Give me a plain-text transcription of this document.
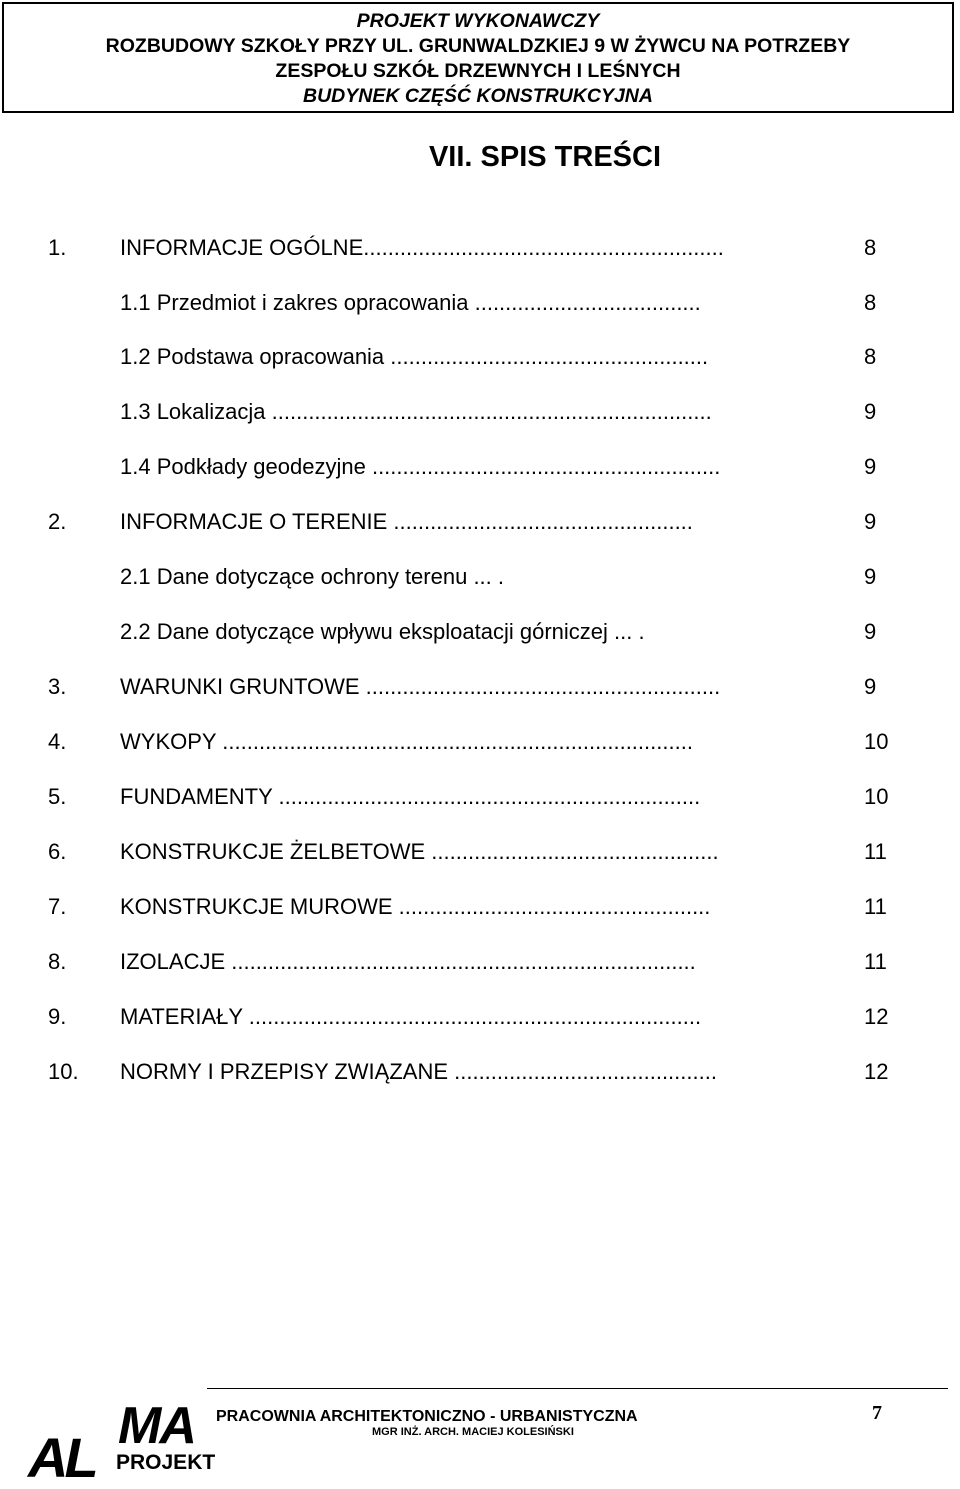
PROJEKT WYKONAWCZY
ROZBUDOWY SZKOŁY PRZY UL. GRUNWALDZKIEJ 9 W ŻYWCU NA POTRZEBY
ZESPOŁU SZKÓŁ DRZEWNYCH I LEŚNYCH
BUDYNEK CZĘŚĆ KONSTRUKCYJNA
VII. SPIS TREŚCI
1. INFORMACJE OGÓLNE...........................................................	8
1.1 Przedmiot i zakres opracowania .....................................	8
1.2 Podstawa opracowania ....................................................	8
1.3 Lokalizacja ........................................................................	9
1.4 Podkłady geodezyjne .........................................................	9
2. INFORMACJE O TERENIE .................................................	9
2.1 Dane dotyczące ochrony terenu ... .	9
2.2 Dane dotyczące wpływu eksploatacji górniczej ... .	9
3. WARUNKI GRUNTOWE ..........................................................	9
4. WYKOPY .............................................................................	10
5. FUNDAMENTY .....................................................................	10
6. KONSTRUKCJE ŻELBETOWE ...............................................	11
7. KONSTRUKCJE MUROWE ...................................................	11
8. IZOLACJE ............................................................................	11
9. MATERIAŁY ..........................................................................	12
10. NORMY I PRZEPISY ZWIĄZANE ...........................................	12
MA
AL PROJEKT
PRACOWNIA ARCHITEKTONICZNO - URBANISTYCZNA
MGR INŻ. ARCH. MACIEJ KOLESIŃSKI
7
